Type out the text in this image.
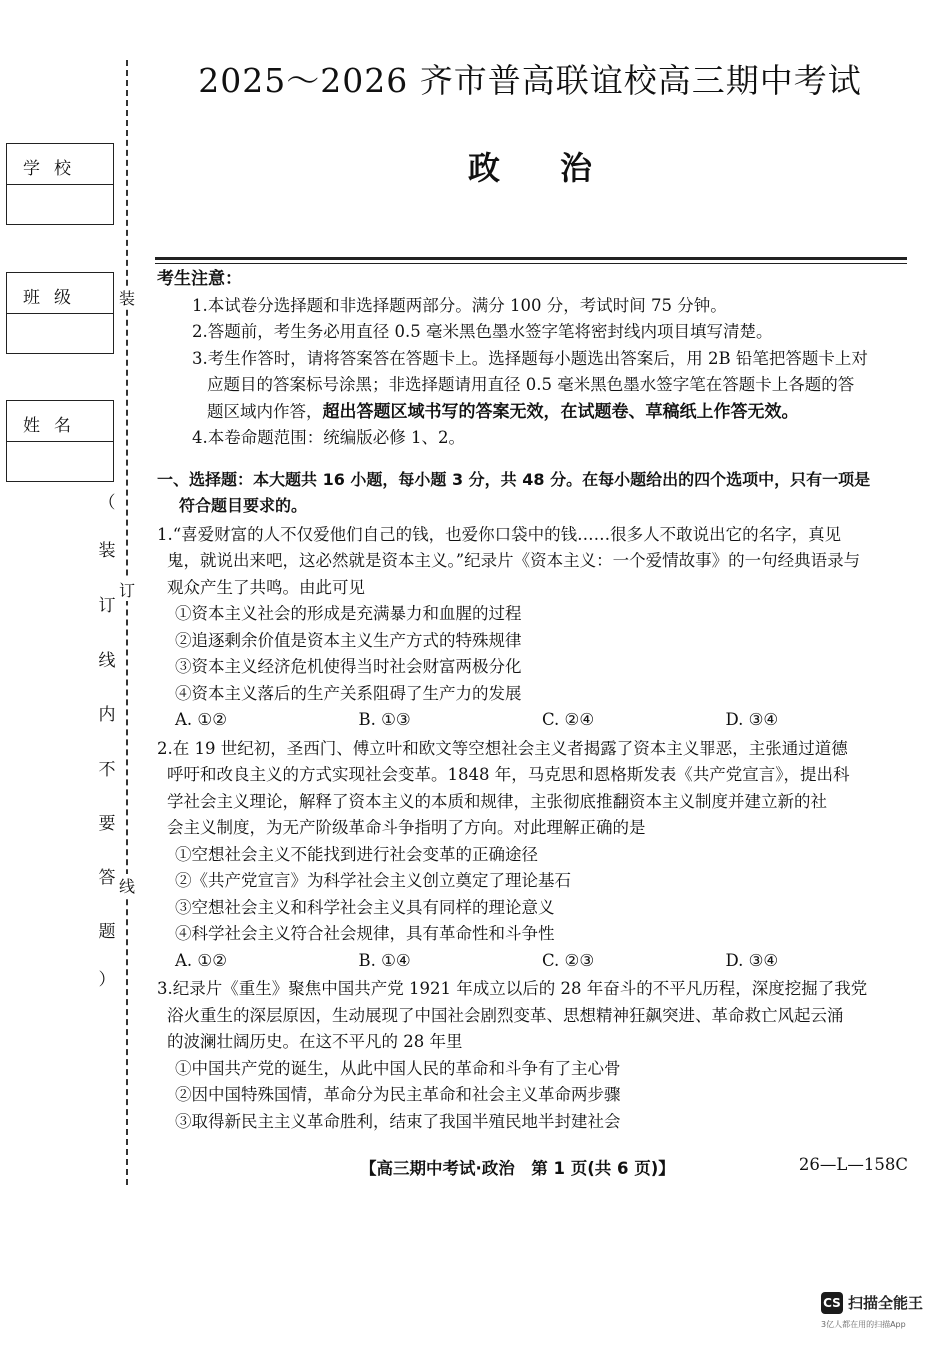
学校
班级
姓名
装
订
线
（
装
订
线
内
不
要
答
题
）
2025～2026 齐市普高联谊校高三期中考试
政治
考生注意：
1.本试卷分选择题和非选择题两部分。满分 100 分，考试时间 75 分钟。
2.答题前，考生务必用直径 0.5 毫米黑色墨水签字笔将密封线内项目填写清楚。
3.考生作答时，请将答案答在答题卡上。选择题每小题选出答案后，用 2B 铅笔把答题卡上对
应题目的答案标号涂黑；非选择题请用直径 0.5 毫米黑色墨水签字笔在答题卡上各题的答
题区域内作答，超出答题区域书写的答案无效，在试题卷、草稿纸上作答无效。
4.本卷命题范围：统编版必修 1、2。
一、选择题：本大题共 16 小题，每小题 3 分，共 48 分。在每小题给出的四个选项中，只有一项是
符合题目要求的。
1.“喜爱财富的人不仅爱他们自己的钱，也爱你口袋中的钱……很多人不敢说出它的名字，真见
鬼，就说出来吧，这必然就是资本主义。”纪录片《资本主义：一个爱情故事》的一句经典语录与
观众产生了共鸣。由此可见
①资本主义社会的形成是充满暴力和血腥的过程
②追逐剩余价值是资本主义生产方式的特殊规律
③资本主义经济危机使得当时社会财富两极分化
④资本主义落后的生产关系阻碍了生产力的发展
A. ①②	B. ①③	C. ②④	D. ③④
2.在 19 世纪初，圣西门、傅立叶和欧文等空想社会主义者揭露了资本主义罪恶，主张通过道德
呼吁和改良主义的方式实现社会变革。1848 年，马克思和恩格斯发表《共产党宣言》，提出科
学社会主义理论，解释了资本主义的本质和规律，主张彻底推翻资本主义制度并建立新的社
会主义制度，为无产阶级革命斗争指明了方向。对此理解正确的是
①空想社会主义不能找到进行社会变革的正确途径
②《共产党宣言》为科学社会主义创立奠定了理论基石
③空想社会主义和科学社会主义具有同样的理论意义
④科学社会主义符合社会规律，具有革命性和斗争性
A. ①②	B. ①④	C. ②③	D. ③④
3.纪录片《重生》聚焦中国共产党 1921 年成立以后的 28 年奋斗的不平凡历程，深度挖掘了我党
浴火重生的深层原因，生动展现了中国社会剧烈变革、思想精神狂飙突进、革命救亡风起云涌
的波澜壮阔历史。在这不平凡的 28 年里
①中国共产党的诞生，从此中国人民的革命和斗争有了主心骨
②因中国特殊国情，革命分为民主革命和社会主义革命两步骤
③取得新民主主义革命胜利，结束了我国半殖民地半封建社会
【高三期中考试·政治　第 1 页(共 6 页)】	26—L—158C
CS 扫描全能王
3亿人都在用的扫描App
